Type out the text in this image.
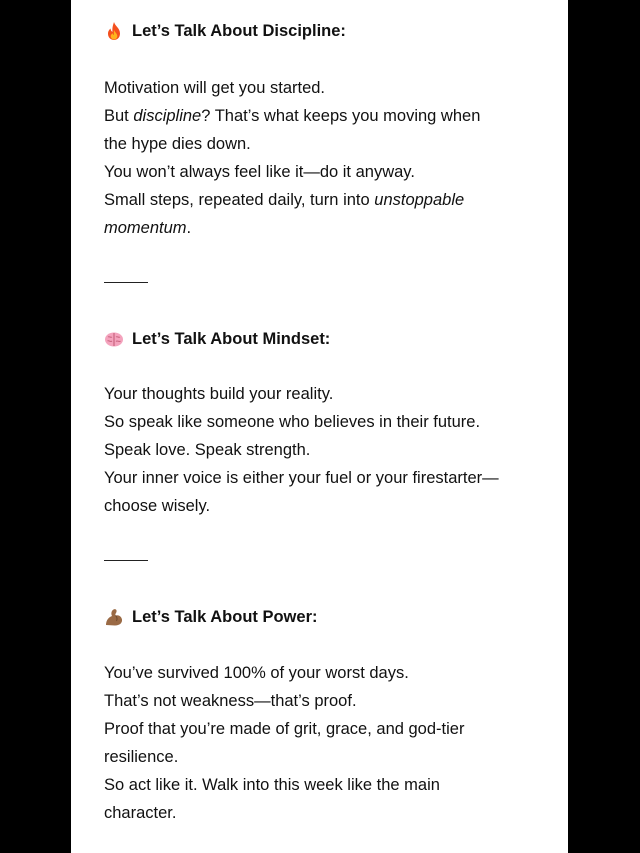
Let’s Talk About Discipline:
Motivation will get you started.
But discipline? That’s what keeps you moving when
the hype dies down.
You won’t always feel like it—do it anyway.
Small steps, repeated daily, turn into unstoppable
momentum.
Let’s Talk About Mindset:
Your thoughts build your reality.
So speak like someone who believes in their future.
Speak love. Speak strength.
Your inner voice is either your fuel or your firestarter—
choose wisely.
Let’s Talk About Power:
You’ve survived 100% of your worst days.
That’s not weakness—that’s proof.
Proof that you’re made of grit, grace, and god-tier
resilience.
So act like it. Walk into this week like the main
character.
